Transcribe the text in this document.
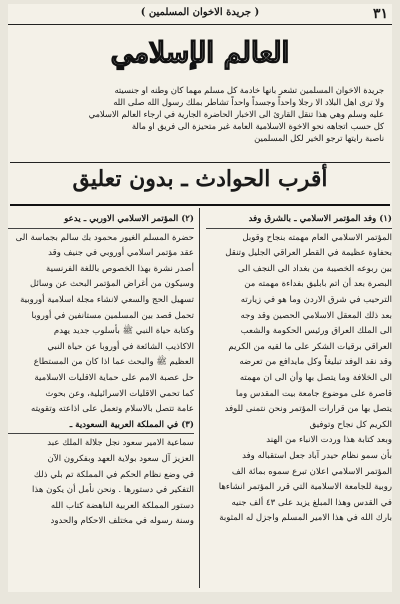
٣١
( جريدة الاخوان المسلمين )
العالم الإسلامي
جريدة الاخوان المسلمين تشعر بانها خادمة كل مسلم مهما كان وطنه او جنسيته
ولا ترى اهل البلاد الا رجلا واحداً وجسداً واحداً تشاطر بملك رسول الله صلى الله
عليه وسلم وهي هذا تنقل القارئ الى الاخبار الحاضرة الجارية في ارجاء العالم الاسلامي
كل حسب اتجاهه نحو الاخوة الاسلامية العامة غير متحيزة الى فريق او مالة
ناصبة رايتها ترجو الخير لكل المسلمين
أقرب الحوادث ـ بدون تعليق
(١) وفد المؤتمر الاسلامي ـ بالشرق وفد
المؤتمر الاسلامي العام مهمته بنجاح وقوبل
بحفاوة عظيمة في القطر العراقي الجليل وتنقل
بين ربوعه الخصيبة من بغداد الى النجف الى
البصرة بعد أن اتم بابليق بفداءة مهمته من
الترحيب في شرق الاردن وما هو في زيارته
بعد ذلك المعقل الاسلامي الحصين وقد وجه
الى الملك العراق ورئيس الحكومة والشعب
العراقي برقيات الشكر على ما لقيه من الكريم
وقد نقد الوفد تبليغاً وكل مايدافع من تعرضه
الى الخلافة وما يتصل بها وأن الى ان مهمته
قاصرة على موضوع جامعة بيت المقدس وما
يتصل بها من قرارات المؤتمر ونحن نتمنى للوفد
الكريم كل نجاح وتوفيق
وبعد كتابة هذا وردت الانباء من الهند
بأن سمو نظام حيدر آباد جعل استقباله وفد
المؤتمر الاسلامي اعلان تبرع سموه بمائة الف
روبية للجامعة الاسلامية التي قرر المؤتمر انشاءها
في القدس وهذا المبلغ يزيد على ٤٣ ألف جنيه
بارك الله في هذا الامير المسلم واجزل له المثوبة
(٢) المؤتمر الاسلامي الاوربي ـ يدعو
حضرة المسلم الغيور محمود بك سالم بجماسة الى
عقد مؤتمر اسلامي أوروبي في جنيف وقد
أصدر نشرة بهذا الخصوص باللغة الفرنسية
وسيكون من أغراض المؤتمر البحث عن وسائل
تسهيل الحج والسعي لانشاء مجلة اسلامية أوروبية
تحمل قصد بين المسلمين مستانفين في أوروبا
وكتابة حياة النبي ﷺ بأسلوب جديد يهدم
الاكاذيب الشائعة في أوروبا عن حياة النبي
العظيم ﷺ والبحث عما اذا كان من المستطاع
حل عصبة الامم على حماية الاقليات الاسلامية
كما تحمي الاقليات الاسرائيلية، وعن بحوث
عامة تتصل بالاسلام وتعمل على اذاعته وتقويته
(٣) في المملكة العربية السعودية ـ
سماعية الامير سعود نجل جلالة الملك عبد
العزيز آل سعود بولاية العهد وبفكرون الآن
في وضع نظام الحكم في المملكة تم بلي ذلك
التفكير في دستورها . ونحن نأمل أن يكون هذا
دستور المملكة العربية الناهضة كتاب الله
وسنة رسوله في مختلف الاحكام والحدود
